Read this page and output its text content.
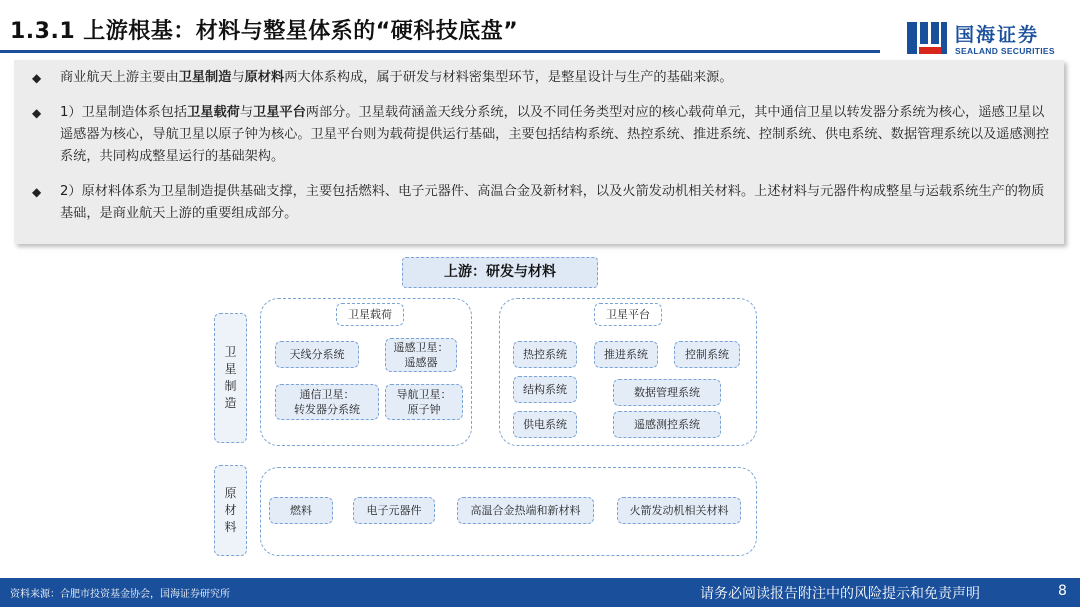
1.3.1 上游根基：材料与整星体系的“硬科技底盘”	国海证券
SEALAND SECURITIES
◆	商业航天上游主要由卫星制造与原材料两大体系构成，属于研发与材料密集型环节，是整星设计与生产的基础来源。
◆	1）卫星制造体系包括卫星载荷与卫星平台两部分。卫星载荷涵盖天线分系统，以及不同任务类型对应的核心载荷单元，其中通信卫星以转发器分系统为核心，遥感卫星以遥感器为核心，导航卫星以原子钟为核心。卫星平台则为载荷提供运行基础，主要包括结构系统、热控系统、推进系统、控制系统、供电系统、数据管理系统以及遥感测控系统，共同构成整星运行的基础架构。
◆	2）原材料体系为卫星制造提供基础支撑，主要包括燃料、电子元器件、高温合金及新材料，以及火箭发动机相关材料。上述材料与元器件构成整星与运载系统生产的物质基础，是商业航天上游的重要组成部分。
上游：研发与材料
卫星制造
原材料
卫星载荷
天线分系统
遥感卫星：
遥感器
通信卫星：
转发器分系统
导航卫星：
原子钟
卫星平台
热控系统	推进系统	控制系统
结构系统	数据管理系统
供电系统	遥感测控系统
燃料	电子元器件	高温合金热端和新材料	火箭发动机相关材料
资料来源：合肥市投资基金协会，国海证券研究所	请务必阅读报告附注中的风险提示和免责声明	8
